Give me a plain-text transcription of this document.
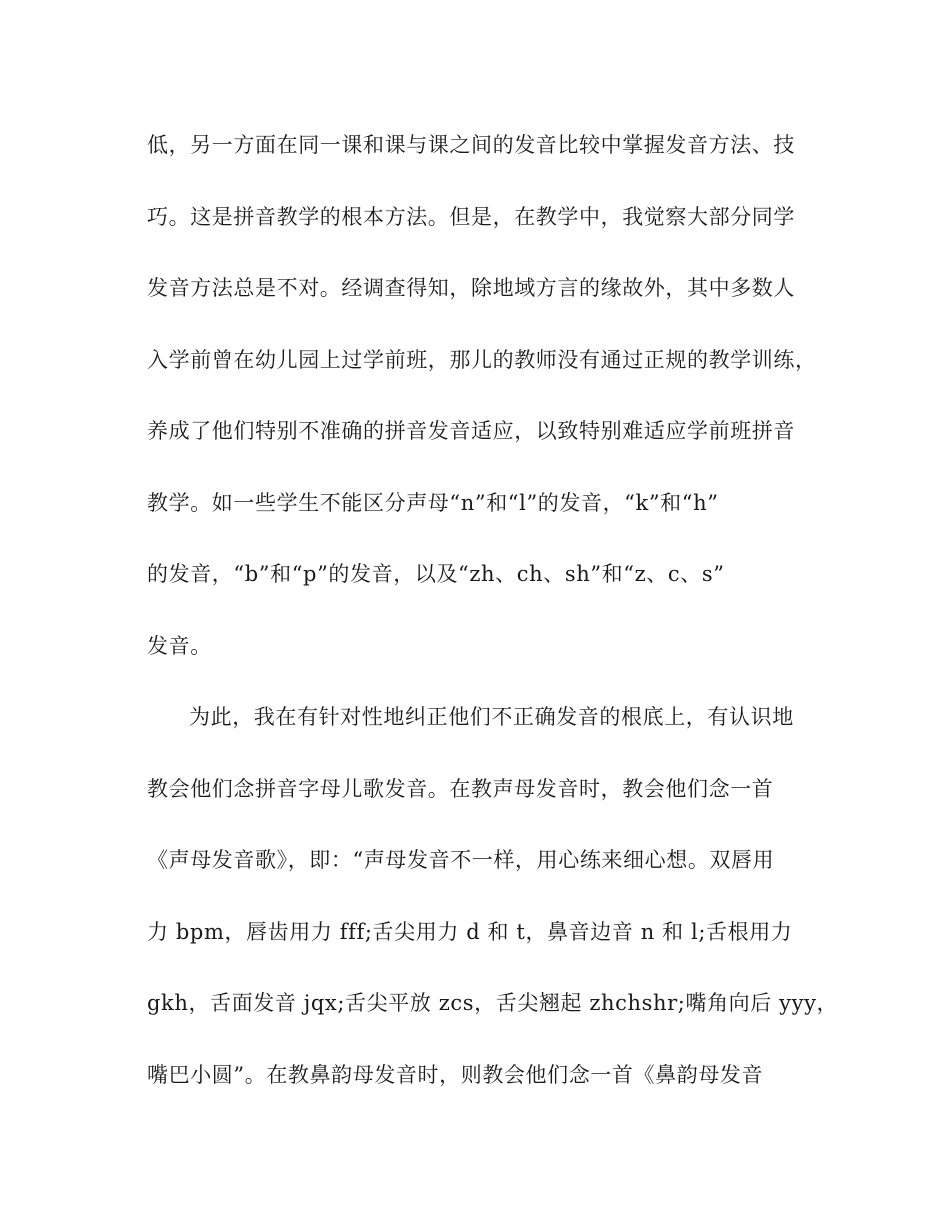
低，另一方面在同一课和课与课之间的发音比较中掌握发音方法、技
巧。这是拼音教学的根本方法。但是，在教学中，我觉察大部分同学
发音方法总是不对。经调查得知，除地域方言的缘故外，其中多数人
入学前曾在幼儿园上过学前班，那儿的教师没有通过正规的教学训练，
养成了他们特别不准确的拼音发音适应，以致特别难适应学前班拼音
教学。如一些学生不能区分声母“n”和“l”的发音，“k”和“h”
的发音，“b”和“p”的发音，以及“zh、ch、sh”和“z、c、s”
发音。
为此，我在有针对性地纠正他们不正确发音的根底上，有认识地
教会他们念拼音字母儿歌发音。在教声母发音时，教会他们念一首
《声母发音歌》，即：“声母发音不一样，用心练来细心想。双唇用
力 bpm，唇齿用力 fff;舌尖用力 d 和 t，鼻音边音 n 和 l;舌根用力
gkh，舌面发音 jqx;舌尖平放 zcs，舌尖翘起 zhchshr;嘴角向后 yyy，
嘴巴小圆”。在教鼻韵母发音时，则教会他们念一首《鼻韵母发音
